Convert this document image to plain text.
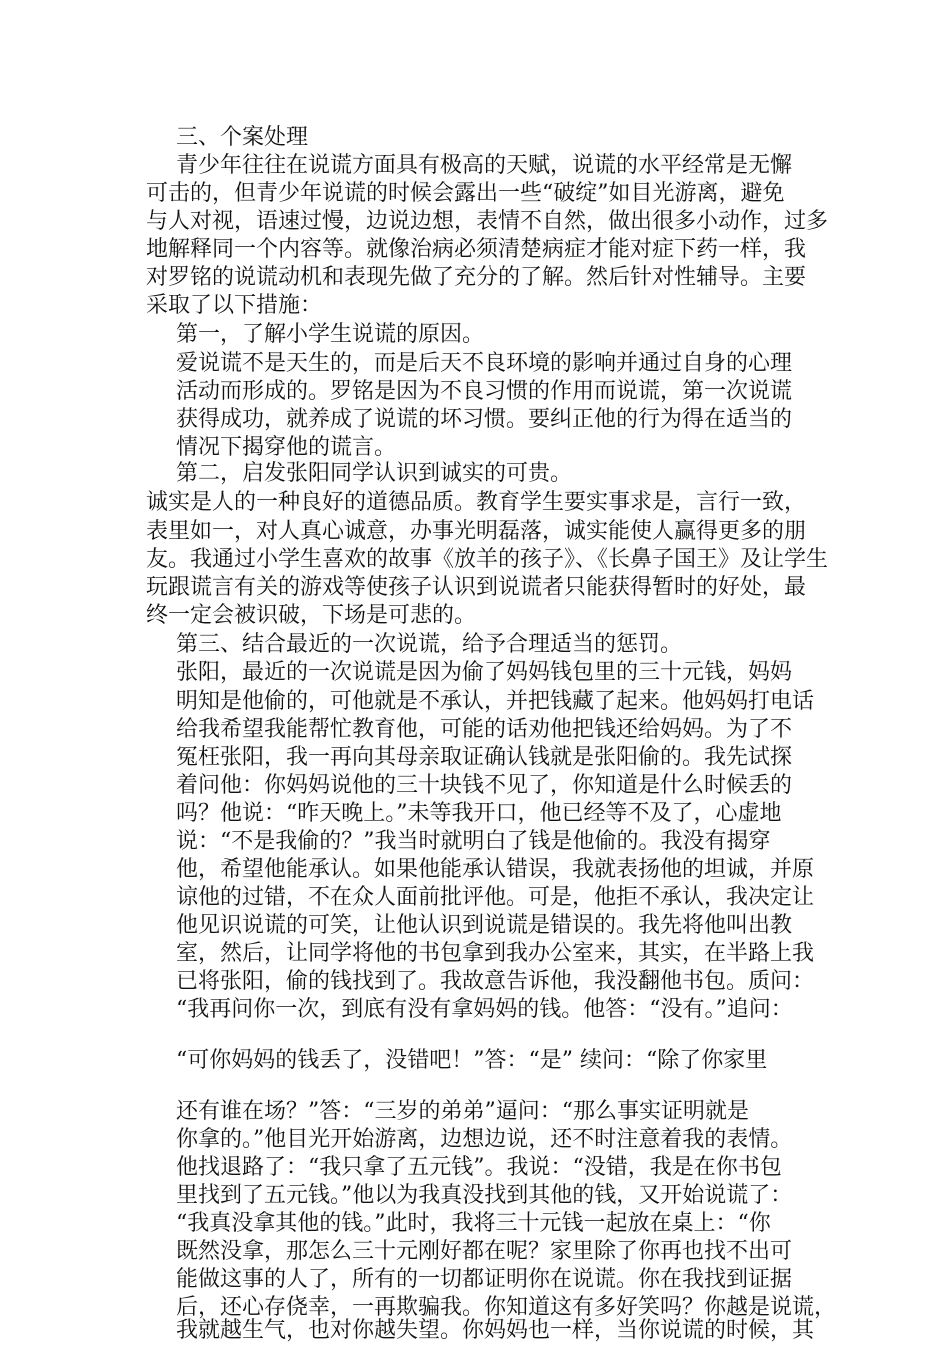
三、个案处理
青少年往往在说谎方面具有极高的天赋，说谎的水平经常是无懈
可击的，但青少年说谎的时候会露出一些“破绽”如目光游离，避免
与人对视，语速过慢，边说边想，表情不自然，做出很多小动作，过多
地解释同一个内容等。就像治病必须清楚病症才能对症下药一样，我
对罗铭的说谎动机和表现先做了充分的了解。然后针对性辅导。主要
采取了以下措施：
第一，了解小学生说谎的原因。
爱说谎不是天生的，而是后天不良环境的影响并通过自身的心理
活动而形成的。罗铭是因为不良习惯的作用而说谎，第一次说谎
获得成功，就养成了说谎的坏习惯。要纠正他的行为得在适当的
情况下揭穿他的谎言。
第二，启发张阳同学认识到诚实的可贵。
诚实是人的一种良好的道德品质。教育学生要实事求是，言行一致，
表里如一，对人真心诚意，办事光明磊落，诚实能使人赢得更多的朋
友。我通过小学生喜欢的故事《放羊的孩子》、《长鼻子国王》及让学生
玩跟谎言有关的游戏等使孩子认识到说谎者只能获得暂时的好处，最
终一定会被识破，下场是可悲的。
第三、结合最近的一次说谎，给予合理适当的惩罚。
张阳，最近的一次说谎是因为偷了妈妈钱包里的三十元钱，妈妈
明知是他偷的，可他就是不承认，并把钱藏了起来。他妈妈打电话
给我希望我能帮忙教育他，可能的话劝他把钱还给妈妈。为了不
冤枉张阳，我一再向其母亲取证确认钱就是张阳偷的。我先试探
着问他：你妈妈说他的三十块钱不见了，你知道是什么时候丢的
吗？他说：“昨天晚上。”未等我开口，他已经等不及了，心虚地
说：“不是我偷的？”我当时就明白了钱是他偷的。我没有揭穿
他，希望他能承认。如果他能承认错误，我就表扬他的坦诚，并原
谅他的过错，不在众人面前批评他。可是，他拒不承认，我决定让
他见识说谎的可笑，让他认识到说谎是错误的。我先将他叫出教
室，然后，让同学将他的书包拿到我办公室来，其实，在半路上我
已将张阳，偷的钱找到了。我故意告诉他，我没翻他书包。质问：
“我再问你一次，到底有没有拿妈妈的钱。他答：“没有。”追问：
“可你妈妈的钱丢了，没错吧！”答：“是” 续问：“除了你家里
还有谁在场？”答：“三岁的弟弟”逼问：“那么事实证明就是
你拿的。”他目光开始游离，边想边说，还不时注意着我的表情。
他找退路了：“我只拿了五元钱”。我说：“没错，我是在你书包
里找到了五元钱。”他以为我真没找到其他的钱，又开始说谎了：
“我真没拿其他的钱。”此时，我将三十元钱一起放在桌上：“你
既然没拿，那怎么三十元刚好都在呢？家里除了你再也找不出可
能做这事的人了，所有的一切都证明你在说谎。你在我找到证据
后，还心存侥幸，一再欺骗我。你知道这有多好笑吗？你越是说谎，
我就越生气，也对你越失望。你妈妈也一样，当你说谎的时候，其
